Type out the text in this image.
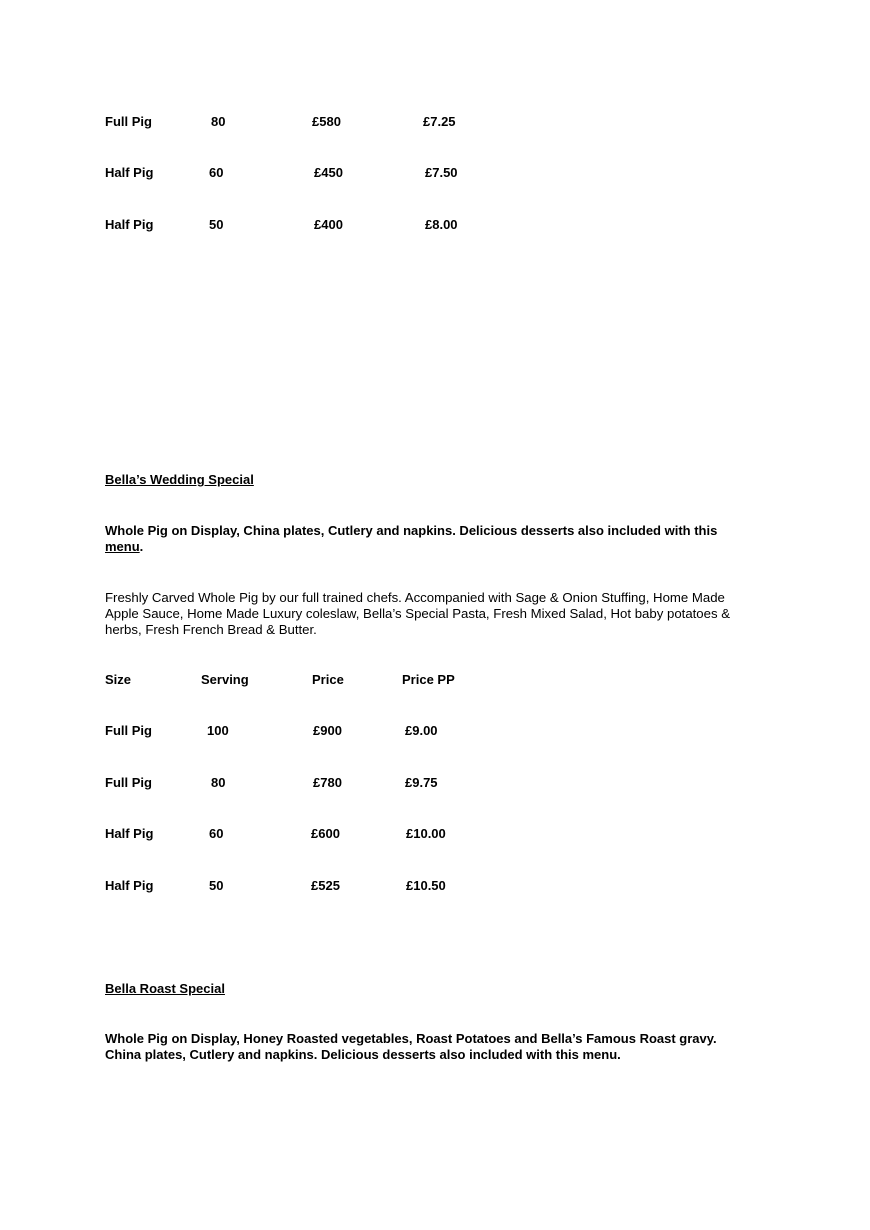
Full Pig	80	£580	£7.25
Half Pig	60	£450	£7.50
Half Pig	50	£400	£8.00
Bella’s Wedding Special
Whole Pig on Display, China plates, Cutlery and napkins. Delicious desserts also included with this menu.
Freshly Carved Whole Pig by our full trained chefs. Accompanied with Sage & Onion Stuffing, Home Made Apple Sauce, Home Made Luxury coleslaw, Bella’s Special Pasta, Fresh Mixed Salad, Hot baby potatoes & herbs, Fresh French Bread & Butter.
Size	Serving	Price	Price PP
Full Pig	100	£900	£9.00
Full Pig	80	£780	£9.75
Half Pig	60	£600	£10.00
Half Pig	50	£525	£10.50
Bella Roast Special
Whole Pig on Display, Honey Roasted vegetables, Roast Potatoes and Bella’s Famous Roast gravy. China plates, Cutlery and napkins. Delicious desserts also included with this menu.
